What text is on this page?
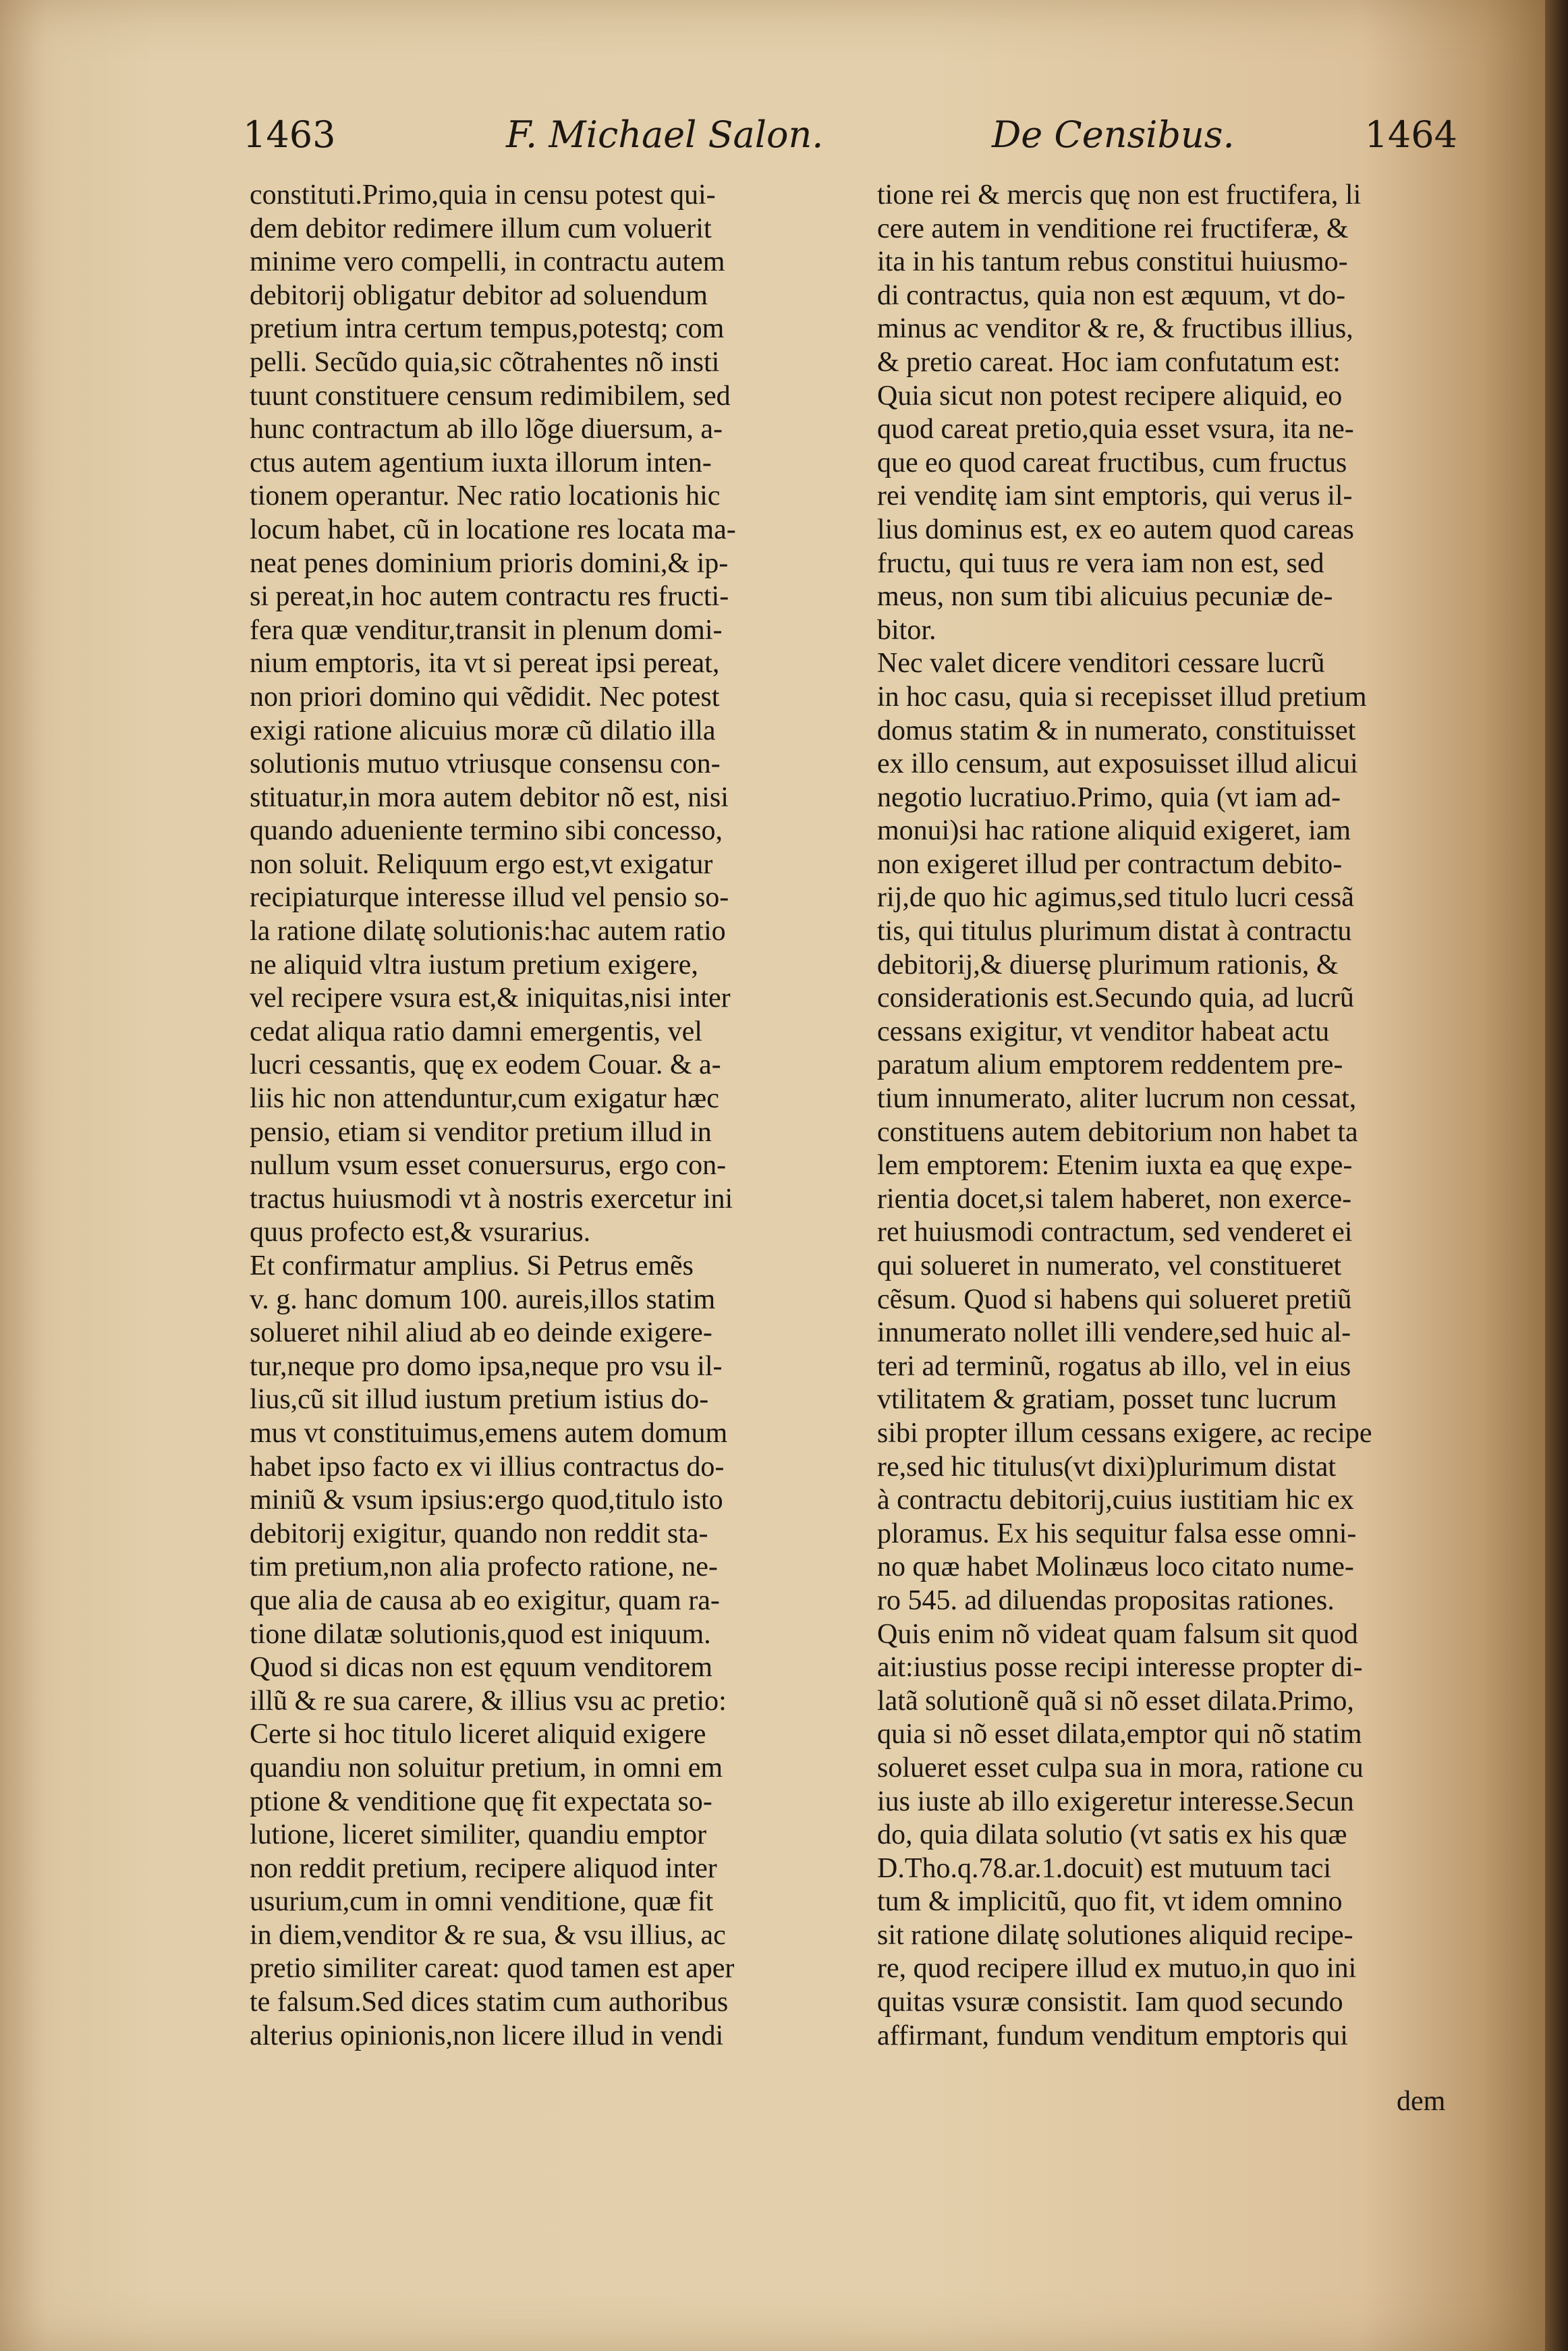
1463	F. Michael Salon.	De Censibus.	1464
constituti.Primo,quia in censu potest qui-
dem debitor redimere illum cum voluerit
minime vero compelli, in contractu autem
debitorij obligatur debitor ad soluendum
pretium intra certum tempus,potestq; com
pelli. Secũdo quia,sic cõtrahentes nõ insti
tuunt constituere censum redimibilem, sed
hunc contractum ab illo lõge diuersum, a-
ctus autem agentium iuxta illorum inten-
tionem operantur. Nec ratio locationis hic
locum habet, cũ in locatione res locata ma-
neat penes dominium prioris domini,& ip-
si pereat,in hoc autem contractu res fructi-
fera quæ venditur,transit in plenum domi-
nium emptoris, ita vt si pereat ipsi pereat,
non priori domino qui vẽdidit. Nec potest
exigi ratione alicuius moræ cũ dilatio illa
solutionis mutuo vtriusque consensu con-
stituatur,in mora autem debitor nõ est, nisi
quando adueniente termino sibi concesso,
non soluit. Reliquum ergo est,vt exigatur
recipiaturque interesse illud vel pensio so-
la ratione dilatę solutionis:hac autem ratio
ne aliquid vltra iustum pretium exigere,
vel recipere vsura est,& iniquitas,nisi inter
cedat aliqua ratio damni emergentis, vel
lucri cessantis, quę ex eodem Couar. & a-
liis hic non attenduntur,cum exigatur hæc
pensio, etiam si venditor pretium illud in
nullum vsum esset conuersurus, ergo con-
tractus huiusmodi vt à nostris exercetur ini
quus profecto est,& vsurarius.
Et confirmatur amplius. Si Petrus emẽs
v. g. hanc domum 100. aureis,illos statim
solueret nihil aliud ab eo deinde exigere-
tur,neque pro domo ipsa,neque pro vsu il-
lius,cũ sit illud iustum pretium istius do-
mus vt constituimus,emens autem domum
habet ipso facto ex vi illius contractus do-
miniũ & vsum ipsius:ergo quod,titulo isto
debitorij exigitur, quando non reddit sta-
tim pretium,non alia profecto ratione, ne-
que alia de causa ab eo exigitur, quam ra-
tione dilatæ solutionis,quod est iniquum.
Quod si dicas non est ęquum venditorem
illũ & re sua carere, & illius vsu ac pretio:
Certe si hoc titulo liceret aliquid exigere
quandiu non soluitur pretium, in omni em
ptione & venditione quę fit expectata so-
lutione, liceret similiter, quandiu emptor
non reddit pretium, recipere aliquod inter
usurium,cum in omni venditione, quæ fit
in diem,venditor & re sua, & vsu illius, ac
pretio similiter careat: quod tamen est aper
te falsum.Sed dices statim cum authoribus
alterius opinionis,non licere illud in vendi
tione rei & mercis quę non est fructifera, li
cere autem in venditione rei fructiferæ, &
ita in his tantum rebus constitui huiusmo-
di contractus, quia non est æquum, vt do-
minus ac venditor & re, & fructibus illius,
& pretio careat. Hoc iam confutatum est:
Quia sicut non potest recipere aliquid, eo
quod careat pretio,quia esset vsura, ita ne-
que eo quod careat fructibus, cum fructus
rei venditę iam sint emptoris, qui verus il-
lius dominus est, ex eo autem quod careas
fructu, qui tuus re vera iam non est, sed
meus, non sum tibi alicuius pecuniæ de-
bitor.
Nec valet dicere venditori cessare lucrũ
in hoc casu, quia si recepisset illud pretium
domus statim & in numerato, constituisset
ex illo censum, aut exposuisset illud alicui
negotio lucratiuo.Primo, quia (vt iam ad-
monui)si hac ratione aliquid exigeret, iam
non exigeret illud per contractum debito-
rij,de quo hic agimus,sed titulo lucri cessã
tis, qui titulus plurimum distat à contractu
debitorij,& diuersę plurimum rationis, &
considerationis est.Secundo quia, ad lucrũ
cessans exigitur, vt venditor habeat actu
paratum alium emptorem reddentem pre-
tium innumerato, aliter lucrum non cessat,
constituens autem debitorium non habet ta
lem emptorem: Etenim iuxta ea quę expe-
rientia docet,si talem haberet, non exerce-
ret huiusmodi contractum, sed venderet ei
qui solueret in numerato, vel constitueret
cẽsum. Quod si habens qui solueret pretiũ
innumerato nollet illi vendere,sed huic al-
teri ad terminũ, rogatus ab illo, vel in eius
vtilitatem & gratiam, posset tunc lucrum
sibi propter illum cessans exigere, ac recipe
re,sed hic titulus(vt dixi)plurimum distat
à contractu debitorij,cuius iustitiam hic ex
ploramus. Ex his sequitur falsa esse omni-
no quæ habet Molinæus loco citato nume-
ro 545. ad diluendas propositas rationes.
Quis enim nõ videat quam falsum sit quod
ait:iustius posse recipi interesse propter di-
latã solutionẽ quã si nõ esset dilata.Primo,
quia si nõ esset dilata,emptor qui nõ statim
solueret esset culpa sua in mora, ratione cu
ius iuste ab illo exigeretur interesse.Secun
do, quia dilata solutio (vt satis ex his quæ
D.Tho.q.78.ar.1.docuit) est mutuum taci
tum & implicitũ, quo fit, vt idem omnino
sit ratione dilatę solutiones aliquid recipe-
re, quod recipere illud ex mutuo,in quo ini
quitas vsuræ consistit. Iam quod secundo
affirmant, fundum venditum emptoris qui
dem
